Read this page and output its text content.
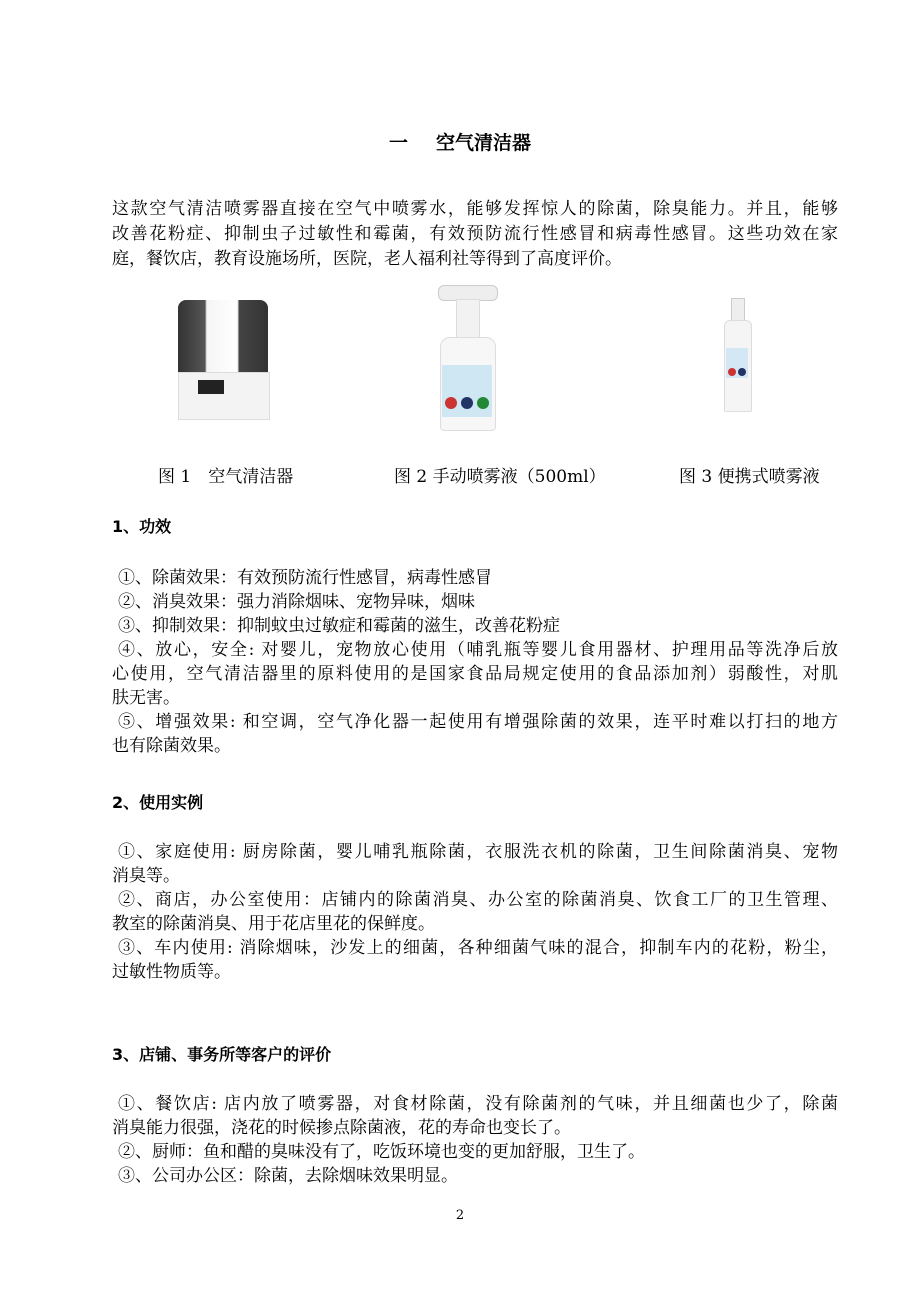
一 空气清洁器
这款空气清洁喷雾器直接在空气中喷雾水，能够发挥惊人的除菌，除臭能力。并且，能够
改善花粉症、抑制虫子过敏性和霉菌，有效预防流行性感冒和病毒性感冒。这些功效在家
庭，餐饮店，教育设施场所，医院，老人福利社等得到了高度评价。
图 1　空气清洁器	图 2 手动喷雾液（500ml）	图 3 便携式喷雾液
1、功效
①、除菌效果：有效预防流行性感冒，病毒性感冒
②、消臭效果：强力消除烟味、宠物异味，烟味
③、抑制效果：抑制蚊虫过敏症和霉菌的滋生，改善花粉症
④、放心，安全: 对婴儿，宠物放心使用（哺乳瓶等婴儿食用器材、护理用品等洗净后放
心使用，空气清洁器里的原料使用的是国家食品局规定使用的食品添加剂）弱酸性，对肌
肤无害。
⑤、增强效果: 和空调，空气净化器一起使用有增强除菌的效果，连平时难以打扫的地方
也有除菌效果。
2、使用实例
①、家庭使用: 厨房除菌，婴儿哺乳瓶除菌，衣服洗衣机的除菌，卫生间除菌消臭、宠物
消臭等。
②、商店，办公室使用：店铺内的除菌消臭、办公室的除菌消臭、饮食工厂的卫生管理、
教室的除菌消臭、用于花店里花的保鲜度。
③、车内使用: 消除烟味，沙发上的细菌，各种细菌气味的混合，抑制车内的花粉，粉尘，
过敏性物质等。
3、店铺、事务所等客户的评价
①、餐饮店: 店内放了喷雾器，对食材除菌，没有除菌剂的气味，并且细菌也少了，除菌
消臭能力很强，浇花的时候掺点除菌液，花的寿命也变长了。
②、厨师：鱼和醋的臭味没有了，吃饭环境也变的更加舒服，卫生了。
③、公司办公区：除菌，去除烟味效果明显。
2
